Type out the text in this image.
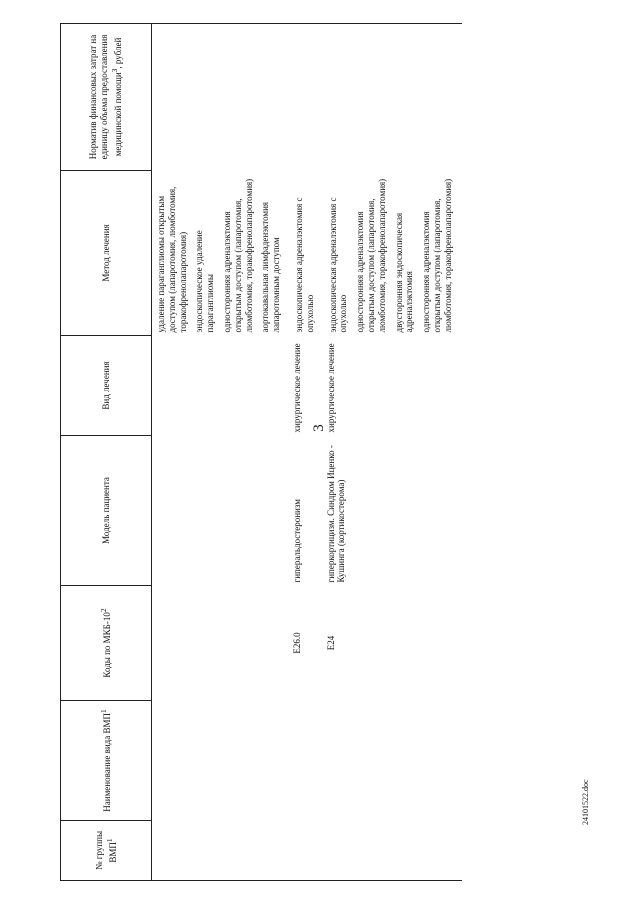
3
24101522.doc
№ группы ВМП$^1$	Наименование вида ВМП$^1$	Коды по МКБ-$10^2$	Модель пациента	Вид лечения	Метод лечения	Норматив финансовых затрат на единицу объема предоставления медицинской помощи$^3$, рублей

					удаление параганглиомы открытым доступом (лапаротомия, люмботомия, торакофренолапаротомия) эндоскопическое удаление параганглиомы односторонняя адреналэктомия открытым доступом (лапаротомия, люмботомия, торакофренолапаротомия) аортокавальная лимфаденэктомия лапаротомным доступом	

		E26.0	гиперальдостеронизм	хирургическое лечение	эндоскопическая адреналэктомия с опухолью	

		E24	гиперкортицизм. Синдром Иценко - Кушинга (кортикостерома)	хирургическое лечение	эндоскопическая адреналэктомия с опухолью односторонняя адреналэктомия открытым доступом (лапаротомия, люмботомия, торакофренолапаротомия) двусторонняя эндоскопическая адреналэктомия односторонняя адреналэктомия открытым доступом (лапаротомия, люмботомия, торакофренолапаротомия)	
